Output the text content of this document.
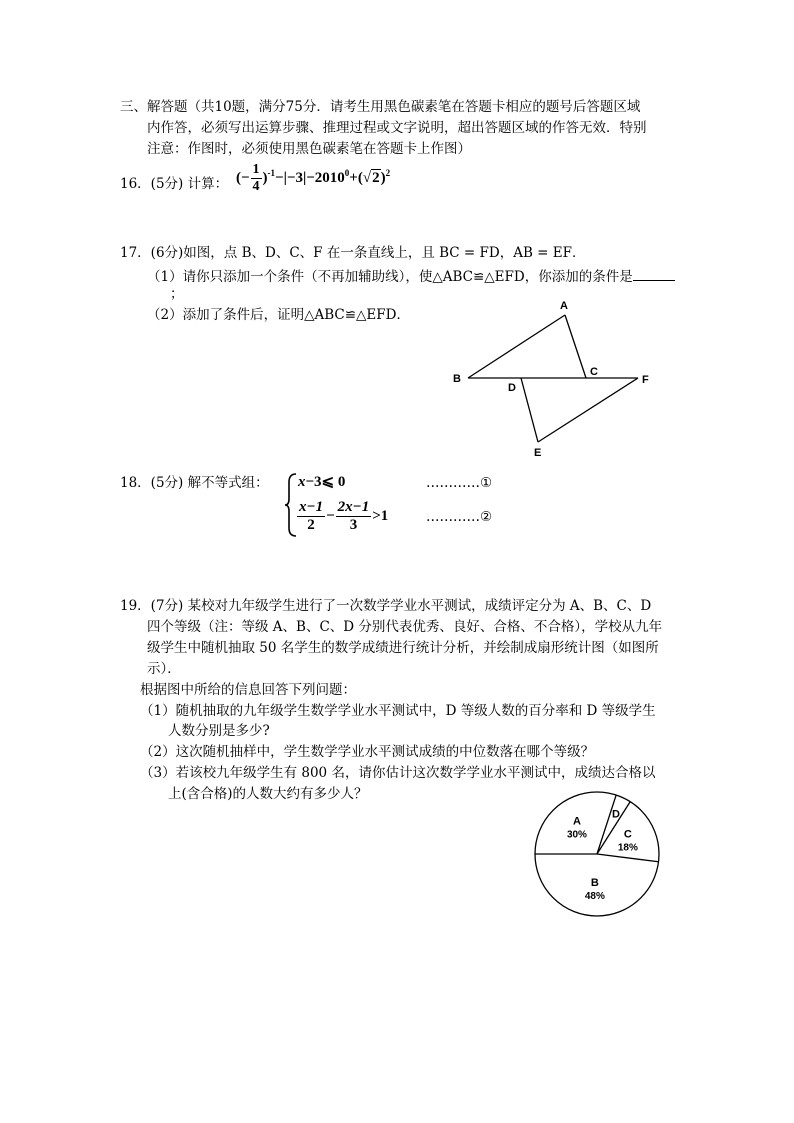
三、解答题（共10题，满分75分．请考生用黑色碳素笔在答题卡相应的题号后答题区域
内作答，必须写出运算步骤、推理过程或文字说明，超出答题区域的作答无效．特别
注意：作图时，必须使用黑色碳素笔在答题卡上作图）
16．(5分) 计算： (− $\frac{1}{4} )^{-1}-|-3|-2010^0+(√2)^2$
17．(6分)如图，点 B、D、C、F 在一条直线上，且 BC = FD，AB = EF．
（1）请你只添加一个条件（不再加辅助线），使△ABC≌△EFD，你添加的条件是
；
（2）添加了条件后，证明△ABC≌△EFD．
A
B
C
D
E
F
18．(5分) 解不等式组： x−3⩽ 0
$\frac{x-1}{2} - \frac{2x-1}{3} >1$
…………①
…………②
19．(7分) 某校对九年级学生进行了一次数学学业水平测试，成绩评定分为 A、B、C、D
四个等级（注：等级 A、B、C、D 分别代表优秀、良好、合格、不合格），学校从九年
级学生中随机抽取 50 名学生的数学成绩进行统计分析，并绘制成扇形统计图（如图所
示）．
根据图中所给的信息回答下列问题：
（1）随机抽取的九年级学生数学学业水平测试中，D 等级人数的百分率和 D 等级学生
人数分别是多少?
（2）这次随机抽样中，学生数学学业水平测试成绩的中位数落在哪个等级？
（3）若该校九年级学生有 800 名，请你估计这次数学学业水平测试中，成绩达合格以
上(含合格)的人数大约有多少人？
A
30%
D
C
18%
B
48%
